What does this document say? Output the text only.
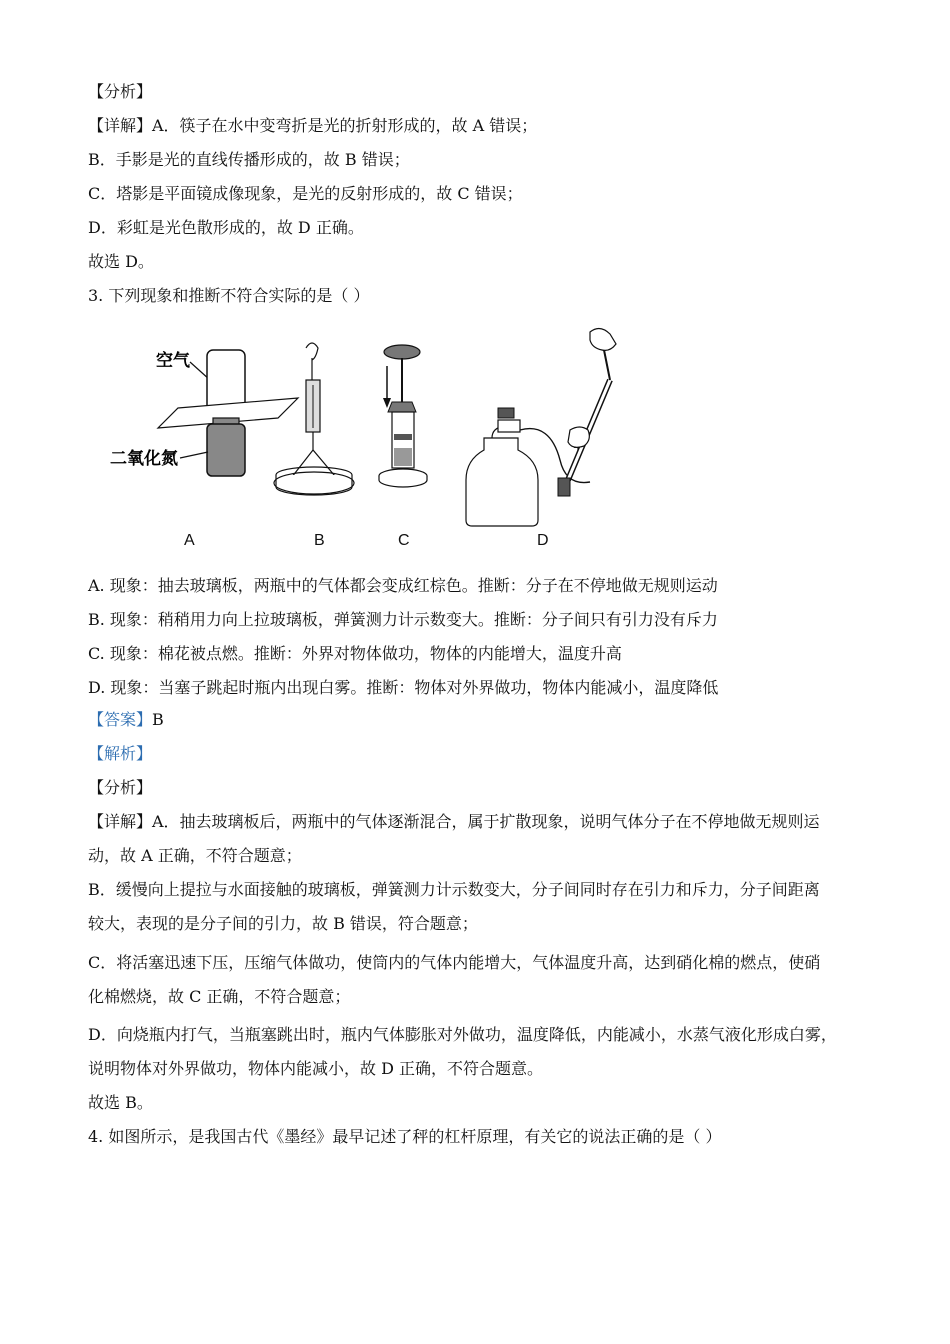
【分析】
【详解】A．筷子在水中变弯折是光的折射形成的，故 A 错误；
B．手影是光的直线传播形成的，故 B 错误；
C．塔影是平面镜成像现象，是光的反射形成的，故 C 错误；
D．彩虹是光色散形成的，故 D 正确。
故选 D。
3. 下列现象和推断不符合实际的是（ ）
空气
二氧化氮
A	B	C	D
A. 现象：抽去玻璃板，两瓶中的气体都会变成红棕色。推断：分子在不停地做无规则运动
B. 现象：稍稍用力向上拉玻璃板，弹簧测力计示数变大。推断：分子间只有引力没有斥力
C. 现象：棉花被点燃。推断：外界对物体做功，物体的内能增大，温度升高
D. 现象：当塞子跳起时瓶内出现白雾。推断：物体对外界做功，物体内能减小，温度降低
【答案】B
【解析】
【分析】
【详解】A．抽去玻璃板后，两瓶中的气体逐渐混合，属于扩散现象，说明气体分子在不停地做无规则运
动，故 A 正确，不符合题意；
B．缓慢向上提拉与水面接触的玻璃板，弹簧测力计示数变大，分子间同时存在引力和斥力，分子间距离
较大，表现的是分子间的引力，故 B 错误，符合题意；
C．将活塞迅速下压，压缩气体做功，使筒内的气体内能增大，气体温度升高，达到硝化棉的燃点，使硝
化棉燃烧，故 C 正确，不符合题意；
D．向烧瓶内打气，当瓶塞跳出时，瓶内气体膨胀对外做功，温度降低，内能减小，水蒸气液化形成白雾，
说明物体对外界做功，物体内能减小，故 D 正确，不符合题意。
故选 B。
4. 如图所示，是我国古代《墨经》最早记述了秤的杠杆原理，有关它的说法正确的是（ ）
